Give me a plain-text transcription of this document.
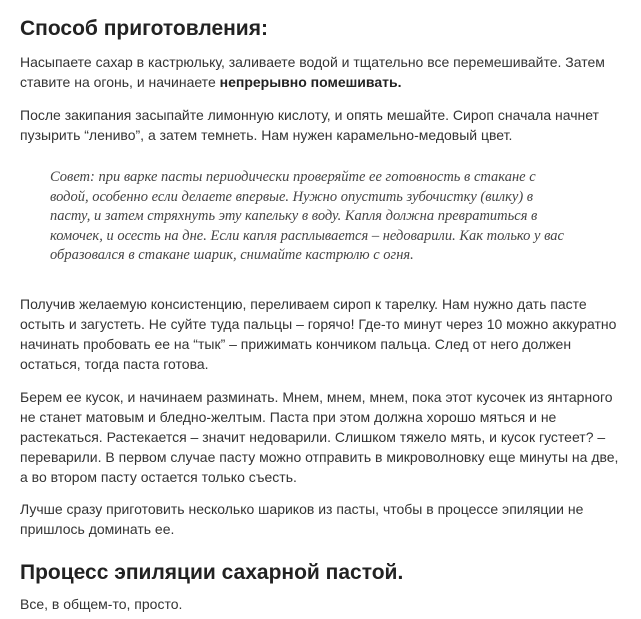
Способ приготовления:

Насыпаете сахар в кастрюльку, заливаете водой и тщательно все перемешивайте. Затем ставите на огонь, и начинаете непрерывно помешивать.

После закипания засыпайте лимонную кислоту, и опять мешайте. Сироп сначала начнет пузырить “лениво”, а затем темнеть. Нам нужен карамельно-медовый цвет.

Совет: при варке пасты периодически проверяйте ее готовность в стакане с водой, особенно если делаете впервые. Нужно опустить зубочистку (вилку) в пасту, и затем стряхнуть эту капельку в воду. Капля должна превратиться в комочек, и осесть на дне. Если капля расплывается – недоварили. Как только у вас образовался в стакане шарик, снимайте кастрюлю с огня.

Получив желаемую консистенцию, переливаем сироп к тарелку. Нам нужно дать пасте остыть и загустеть. Не суйте туда пальцы – горячо! Где-то минут через 10 можно аккуратно начинать пробовать ее на “тык” – прижимать кончиком пальца. След от него должен остаться, тогда паста готова.

Берем ее кусок, и начинаем разминать. Мнем, мнем, мнем, пока этот кусочек из янтарного не станет матовым и бледно-желтым. Паста при этом должна хорошо мяться и не растекаться. Растекается – значит недоварили. Слишком тяжело мять, и кусок густеет? – переварили. В первом случае пасту можно отправить в микроволновку еще минуты на две, а во втором пасту остается только съесть.

Лучше сразу приготовить несколько шариков из пасты, чтобы в процессе эпиляции не пришлось доминать ее.

Процесс эпиляции сахарной пастой.

Все, в общем-то, просто.
